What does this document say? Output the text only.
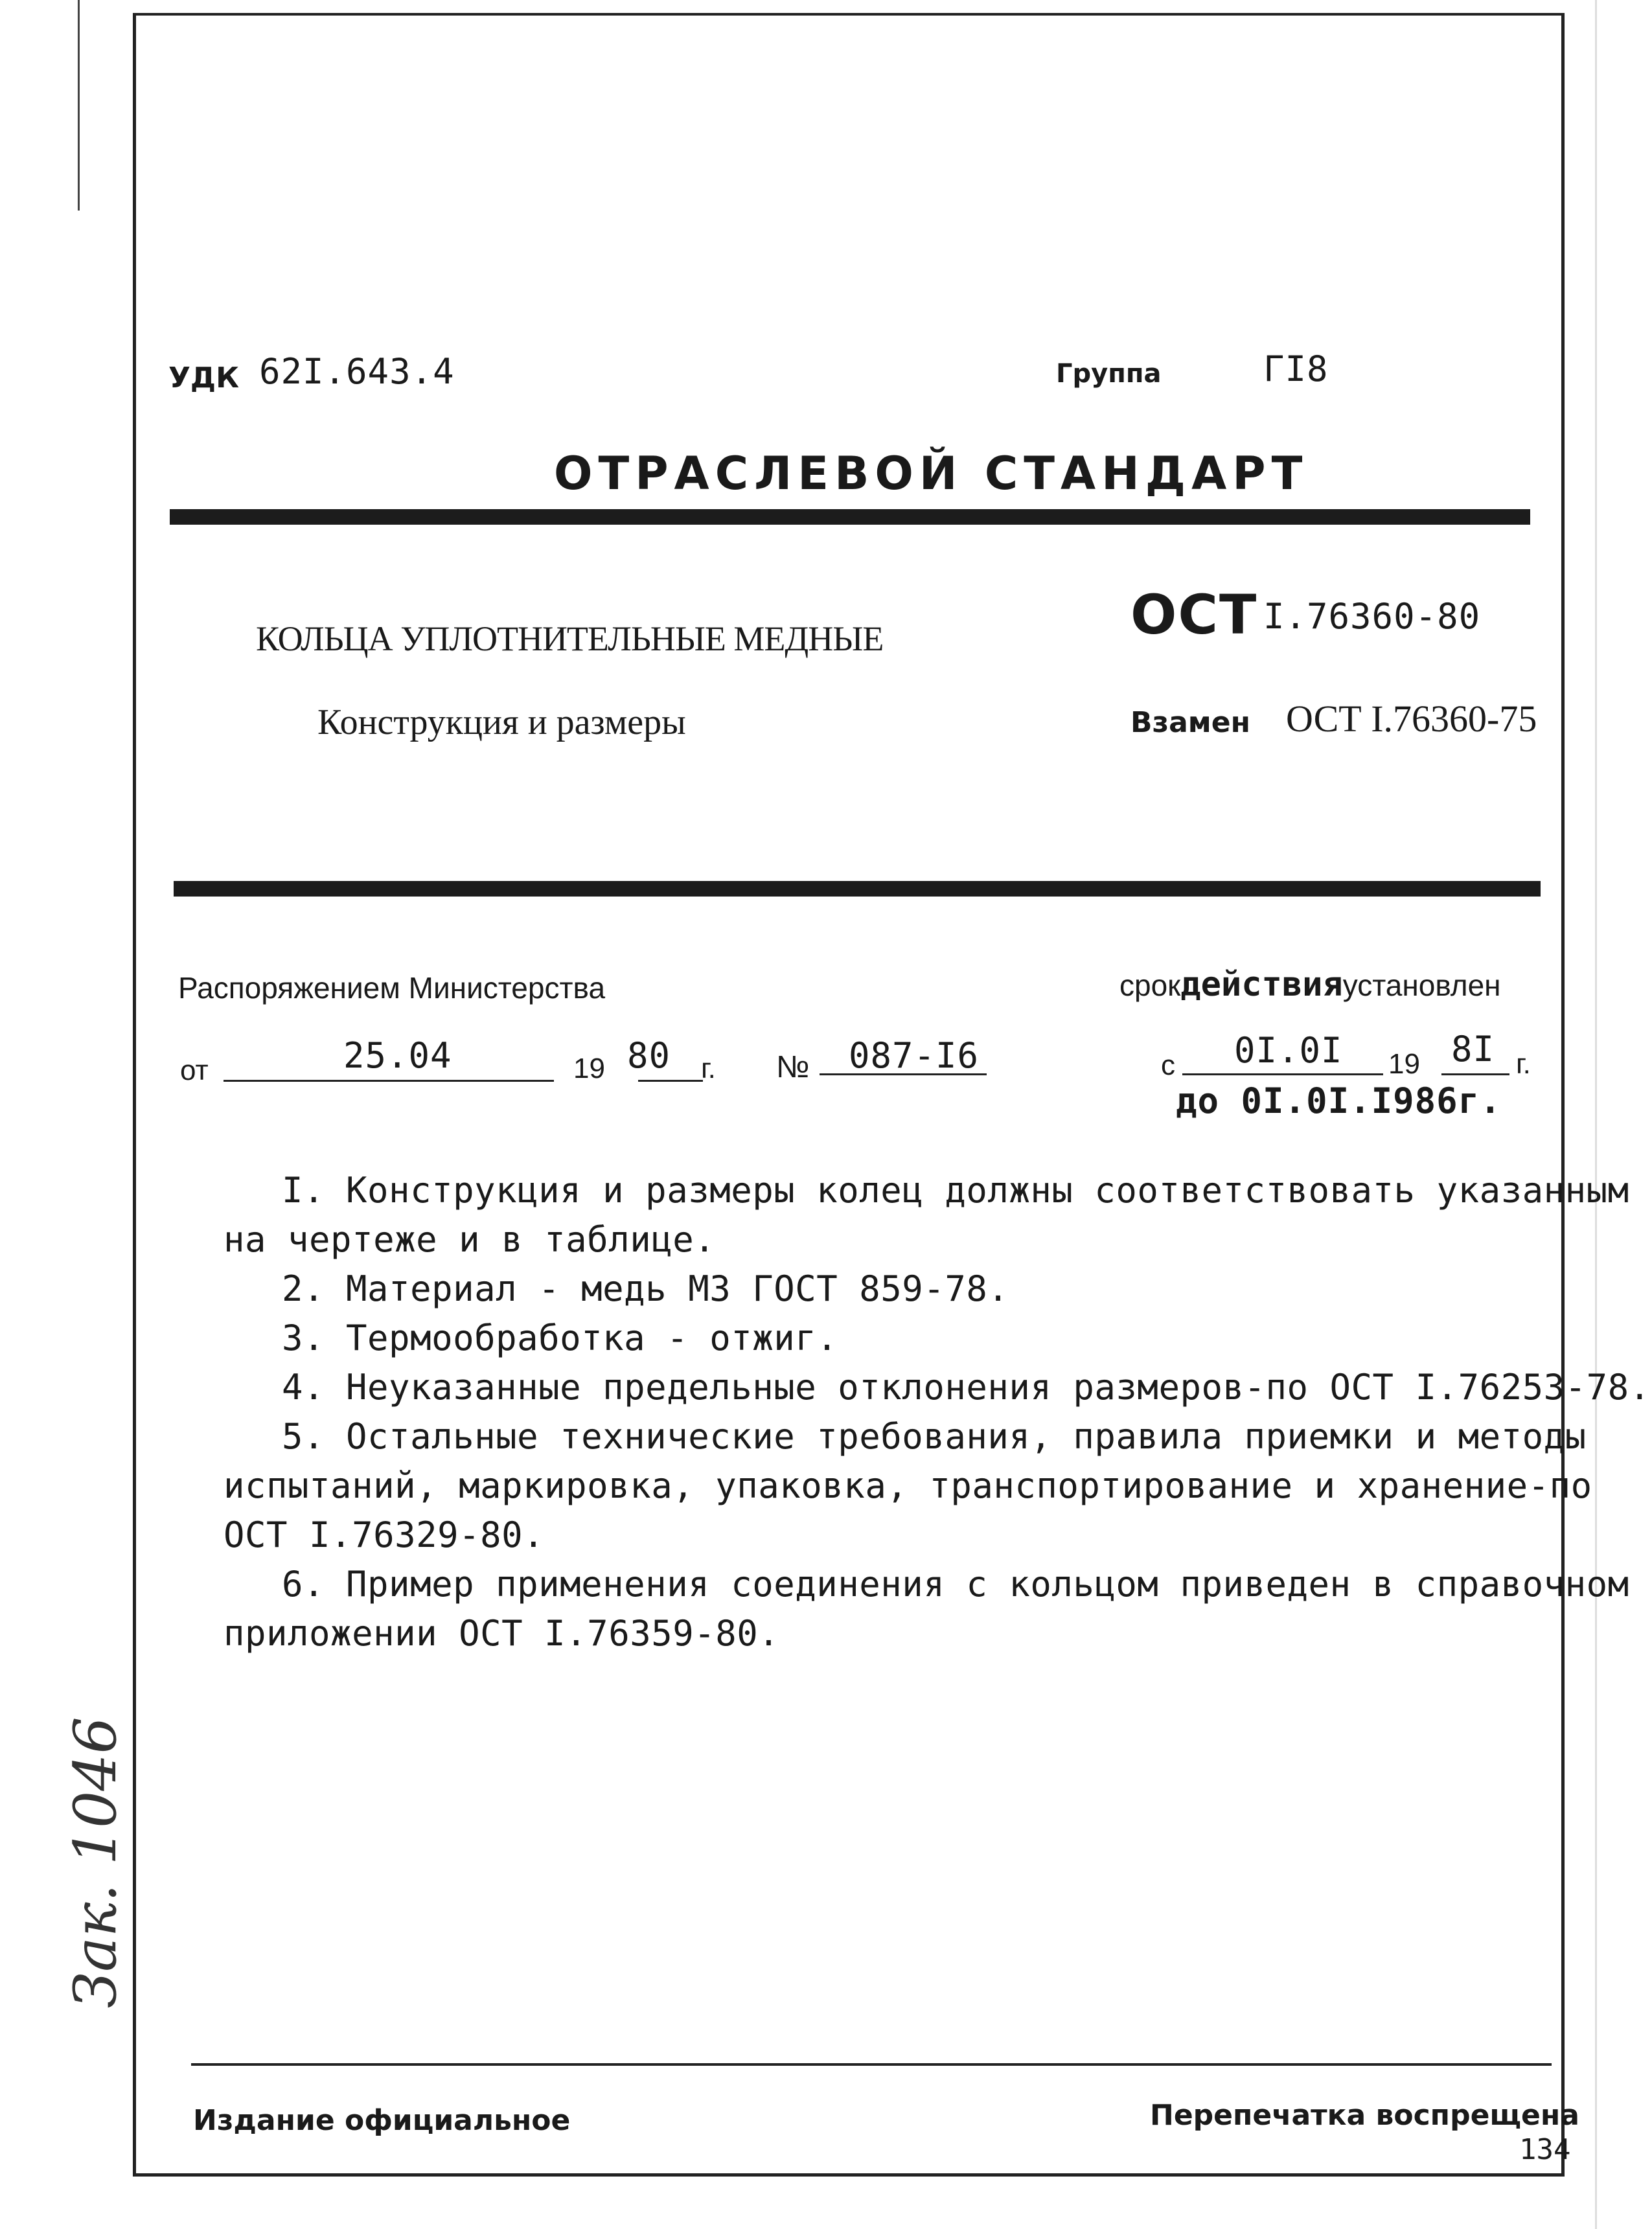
УДК 62I.643.4	Группа	ГI8
ОТРАСЛЕВОЙ СТАНДАРТ
КОЛЬЦА УПЛОТНИТЕЛЬНЫЕ МЕДНЫЕ
Конструкция и размеры
ОСТ I.76360-80
Взамен ОСТ I.76360-75
Распоряжением Министерства
от	25.04	19 80 г. № 087-I6
срокдействияустановлен
с 0I.0I 19 8I г.
до 0I.0I.I986г.
I. Конструкция и размеры колец должны соответствовать указанным
на чертеже и в таблице.
2. Материал - медь М3 ГОСТ 859-78.
3. Термообработка - отжиг.
4. Неуказанные предельные отклонения размеров-по ОСТ I.76253-78.
5. Остальные технические требования, правила приемки и методы
испытаний, маркировка, упаковка, транспортирование и хранение-по
ОСТ I.76329-80.
6. Пример применения соединения с кольцом приведен в справочном
приложении ОСТ I.76359-80.
Зак. 1046
Издание официальное	Перепечатка воспрещена
134
